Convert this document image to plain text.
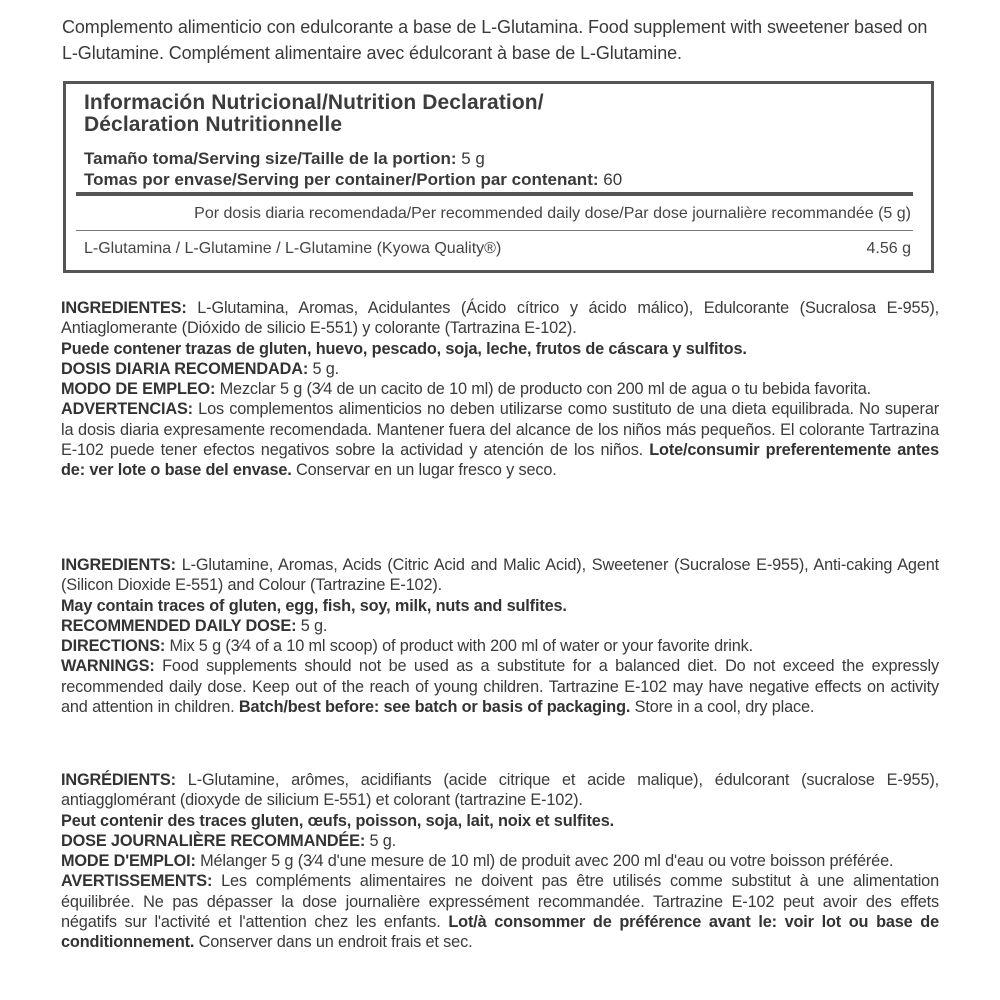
Complemento alimenticio con edulcorante a base de L-Glutamina. Food supplement with sweetener based on L-Glutamine. Complément alimentaire avec édulcorant à base de L-Glutamine.
Información Nutricional/Nutrition Declaration/
Déclaration Nutritionnelle
Tamaño toma/Serving size/Taille de la portion: 5 g
Tomas por envase/Serving per container/Portion par contenant: 60
Por dosis diaria recomendada/Per recommended daily dose/Par dose journalière recommandée (5 g)
L-Glutamina / L-Glutamine / L-Glutamine (Kyowa Quality®)	4.56 g

INGREDIENTES: L-Glutamina, Aromas, Acidulantes (Ácido cítrico y ácido málico), Edulcorante (Sucralosa E-955), Antiaglomerante (Dióxido de silicio E-551) y colorante (Tartrazina E-102).

Puede contener trazas de gluten, huevo, pescado, soja, leche, frutos de cáscara y sulfitos.

DOSIS DIARIA RECOMENDADA: 5 g.

MODO DE EMPLEO: Mezclar 5 g (3⁄4 de un cacito de 10 ml) de producto con 200 ml de agua o tu bebida favorita.

ADVERTENCIAS: Los complementos alimenticios no deben utilizarse como sustituto de una dieta equilibrada. No superar la dosis diaria expresamente recomendada. Mantener fuera del alcance de los niños más pequeños. El colorante Tartrazina E-102 puede tener efectos negativos sobre la actividad y atención de los niños. Lote/consumir preferentemente antes de: ver lote o base del envase. Conservar en un lugar fresco y seco.

INGREDIENTS: L-Glutamine, Aromas, Acids (Citric Acid and Malic Acid), Sweetener (Sucralose E-955), Anti-caking Agent (Silicon Dioxide E-551) and Colour (Tartrazine E-102).

May contain traces of gluten, egg, fish, soy, milk, nuts and sulfites.

RECOMMENDED DAILY DOSE: 5 g.

DIRECTIONS: Mix 5 g (3⁄4 of a 10 ml scoop) of product with 200 ml of water or your favorite drink.

WARNINGS: Food supplements should not be used as a substitute for a balanced diet. Do not exceed the expressly recommended daily dose. Keep out of the reach of young children. Tartrazine E-102 may have negative effects on activity and attention in children. Batch/best before: see batch or basis of packaging. Store in a cool, dry place.

INGRÉDIENTS: L-Glutamine, arômes, acidifiants (acide citrique et acide malique), édulcorant (sucralose E-955), antiagglomérant (dioxyde de silicium E-551) et colorant (tartrazine E-102).

Peut contenir des traces gluten, œufs, poisson, soja, lait, noix et sulfites.

DOSE JOURNALIÈRE RECOMMANDÉE: 5 g.

MODE D'EMPLOI: Mélanger 5 g (3⁄4 d'une mesure de 10 ml) de produit avec 200 ml d'eau ou votre boisson préférée.

AVERTISSEMENTS: Les compléments alimentaires ne doivent pas être utilisés comme substitut à une alimentation équilibrée. Ne pas dépasser la dose journalière expressément recommandée. Tartrazine E-102 peut avoir des effets négatifs sur l'activité et l'attention chez les enfants. Lot/à consommer de préférence avant le: voir lot ou base de conditionnement. Conserver dans un endroit frais et sec.
